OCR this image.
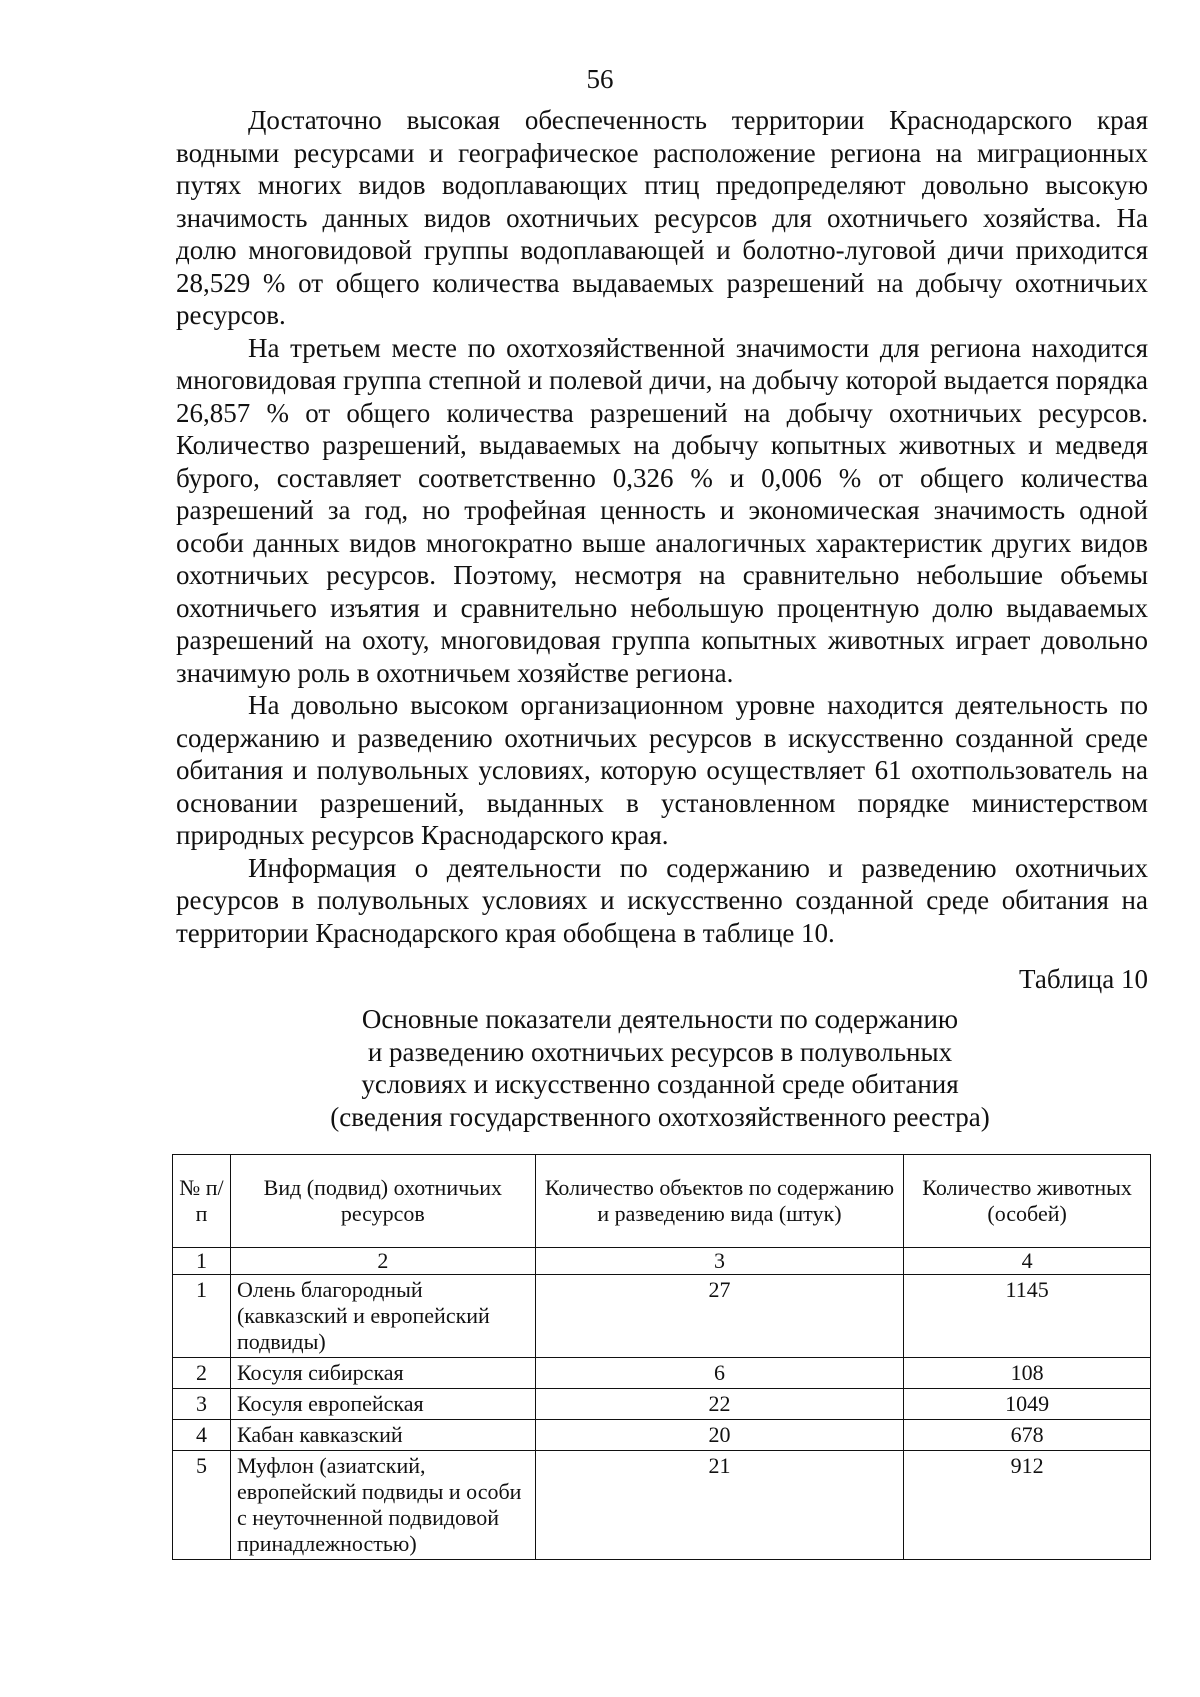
56

Достаточно высокая обеспеченность территории Краснодарского края водными ресурсами и географическое расположение региона на миграционных путях многих видов водоплавающих птиц предопределяют довольно высокую значимость данных видов охотничьих ресурсов для охотничьего хозяйства. На долю многовидовой группы водоплавающей и болотно-луговой дичи приходится 28,529 % от общего количества выдаваемых разрешений на добычу охотничьих ресурсов.

На третьем месте по охотхозяйственной значимости для региона находится многовидовая группа степной и полевой дичи, на добычу которой выдается порядка 26,857 % от общего количества разрешений на добычу охотничьих ресурсов. Количество разрешений, выдаваемых на добычу копытных животных и медведя бурого, составляет соответственно 0,326 % и 0,006 % от общего количества разрешений за год, но трофейная ценность и экономическая значимость одной особи данных видов многократно выше аналогичных характеристик других видов охотничьих ресурсов. Поэтому, несмотря на сравнительно небольшие объемы охотничьего изъятия и сравнительно небольшую процентную долю выдаваемых разрешений на охоту, многовидовая группа копытных животных играет довольно значимую роль в охотничьем хозяйстве региона.

На довольно высоком организационном уровне находится деятельность по содержанию и разведению охотничьих ресурсов в искусственно созданной среде обитания и полувольных условиях, которую осуществляет 61 охотпользователь на основании разрешений, выданных в установленном порядке министерством природных ресурсов Краснодарского края.

Информация о деятельности по содержанию и разведению охотничьих ресурсов в полувольных условиях и искусственно созданной среде обитания на территории Краснодарского края обобщена в таблице 10.

Таблица 10
Основные показатели деятельности по содержанию
и разведению охотничьих ресурсов в полувольных
условиях и искусственно созданной среде обитания
(сведения государственного охотхозяйственного реестра)
№ п/п	Вид (подвид) охотничьих ресурсов	Количество объектов по содержанию и разведению вида (штук)	Количество животных (особей)
1	2	3	4
1	Олень благородный (кавказский и европейский подвиды)	27	1145
2	Косуля сибирская	6	108
3	Косуля европейская	22	1049
4	Кабан кавказский	20	678
5	Муфлон (азиатский, европейский подвиды и особи с неуточненной подвидовой принадлежностью)	21	912
